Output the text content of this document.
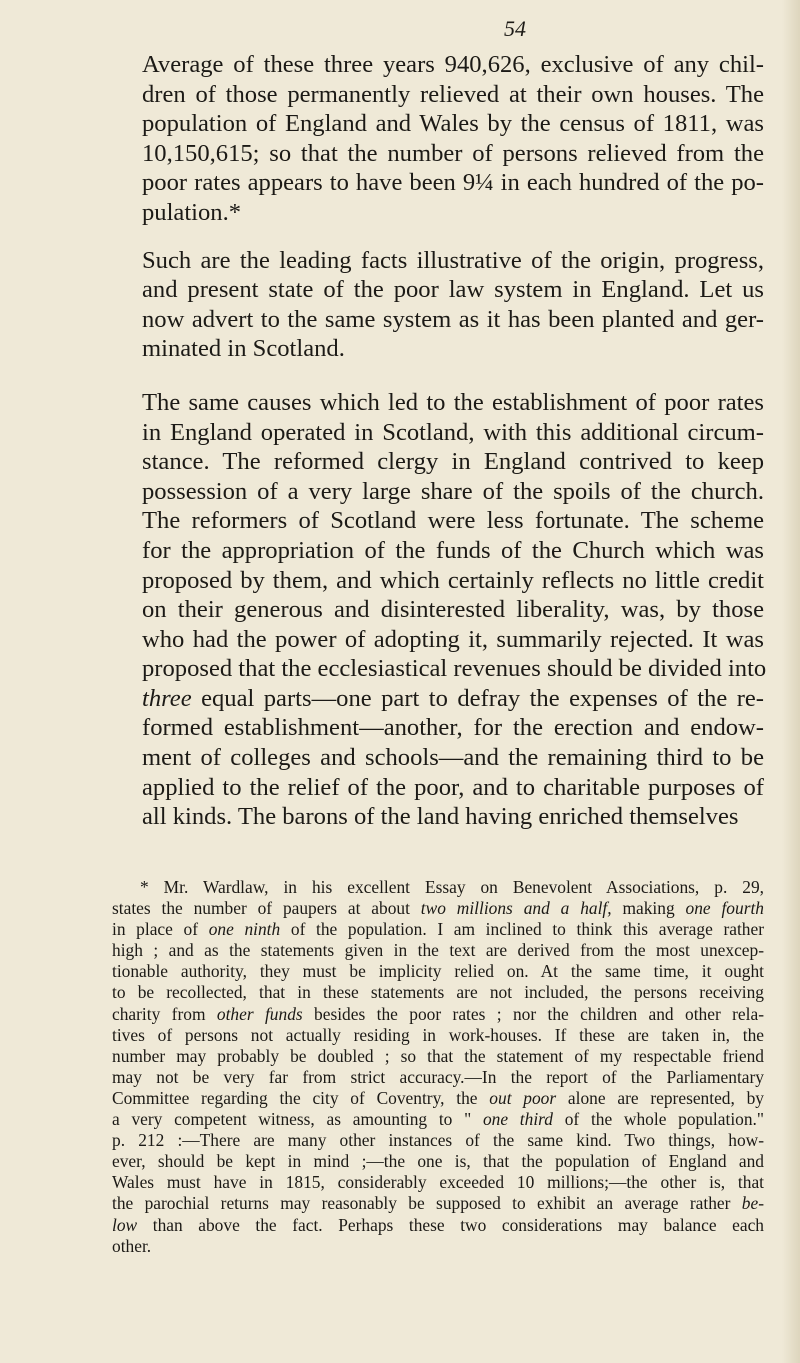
54

Average of these three years 940,626, exclusive of any chil-
dren of those permanently relieved at their own houses. The
population of England and Wales by the census of 1811, was
10,150,615; so that the number of persons relieved from the
poor rates appears to have been 9¼ in each hundred of the po-
pulation.*

Such are the leading facts illustrative of the origin, progress,
and present state of the poor law system in England. Let us
now advert to the same system as it has been planted and ger-
minated in Scotland.

The same causes which led to the establishment of poor rates
in England operated in Scotland, with this additional circum-
stance. The reformed clergy in England contrived to keep
possession of a very large share of the spoils of the church.
The reformers of Scotland were less fortunate. The scheme
for the appropriation of the funds of the Church which was
proposed by them, and which certainly reflects no little credit
on their generous and disinterested liberality, was, by those
who had the power of adopting it, summarily rejected. It was
proposed that the ecclesiastical revenues should be divided into
three equal parts—one part to defray the expenses of the re-
formed establishment—another, for the erection and endow-
ment of colleges and schools—and the remaining third to be
applied to the relief of the poor, and to charitable purposes of
all kinds. The barons of the land having enriched themselves

* Mr. Wardlaw, in his excellent Essay on Benevolent Associations, p. 29,
states the number of paupers at about two millions and a half, making one fourth
in place of one ninth of the population. I am inclined to think this average rather
high ; and as the statements given in the text are derived from the most unexcep-
tionable authority, they must be implicity relied on. At the same time, it ought
to be recollected, that in these statements are not included, the persons receiving
charity from other funds besides the poor rates ; nor the children and other rela-
tives of persons not actually residing in work-houses. If these are taken in, the
number may probably be doubled ; so that the statement of my respectable friend
may not be very far from strict accuracy.—In the report of the Parliamentary
Committee regarding the city of Coventry, the out poor alone are represented, by
a very competent witness, as amounting to " one third of the whole population."
p. 212 :—There are many other instances of the same kind. Two things, how-
ever, should be kept in mind ;—the one is, that the population of England and
Wales must have in 1815, considerably exceeded 10 millions;—the other is, that
the parochial returns may reasonably be supposed to exhibit an average rather be-
low than above the fact. Perhaps these two considerations may balance each
other.
